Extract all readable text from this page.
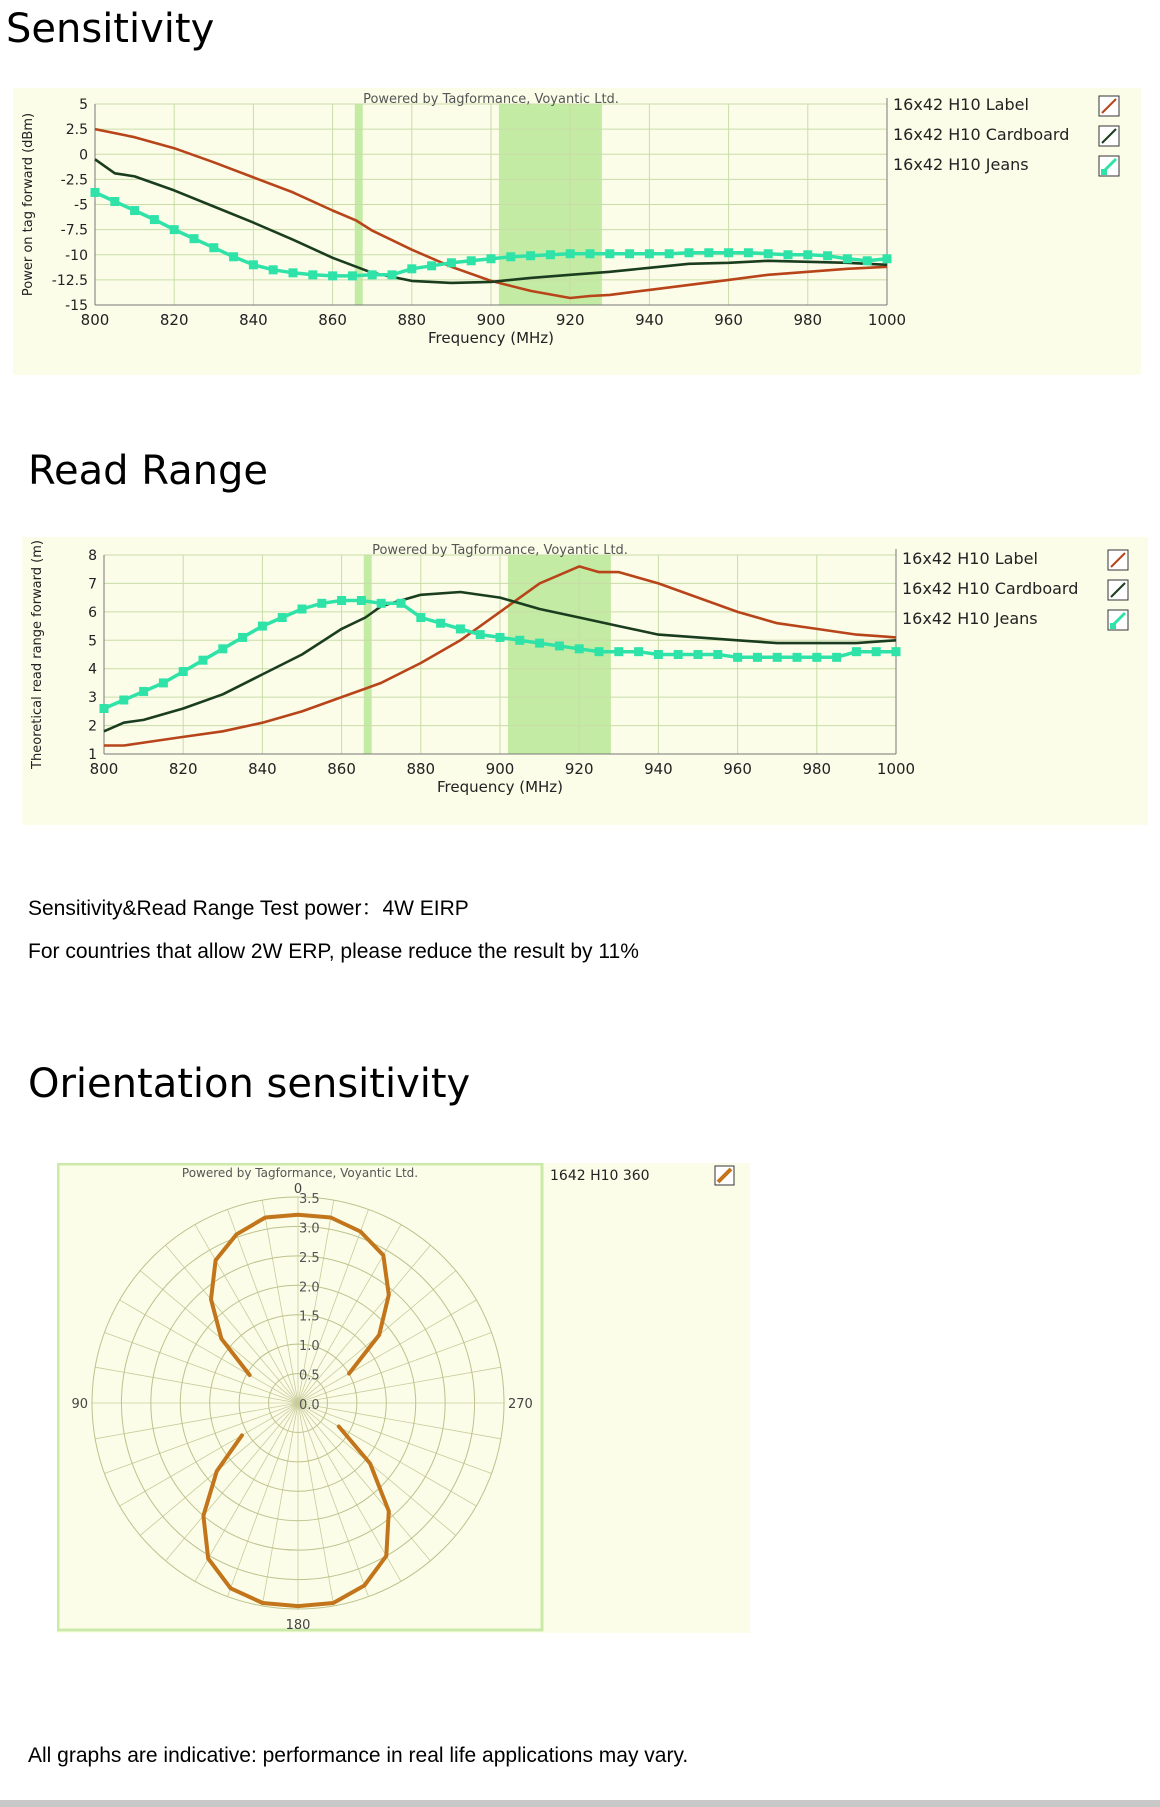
Sensitivity
800	820	840	860	880	900	920	940	960	980	1000
5
2.5
0
-2.5
-5
-7.5
-10
-12.5
-15
Powered by Tagformance, Voyantic Ltd.
Frequency (MHz)
Power on tag forward (dBm)
16x42 H10 Label
16x42 H10 Cardboard
16x42 H10 Jeans
Read Range
800	820	840	860	880	900	920	940	960	980	1000
8
7
6
5
4
3
2
1
Powered by Tagformance, Voyantic Ltd.
Frequency (MHz)
Theoretical read range forward (m)	16x42 H10 Label
16x42 H10 Cardboard
16x42 H10 Jeans

Sensitivity&Read Range Test power：4W EIRP

For countries that allow 2W ERP, please reduce the result by 11%

Orientation sensitivity
0.0
0.5
1.0
1.5
2.0
2.5
3.0
3.5
0
90
180
270
Powered by Tagformance, Voyantic Ltd.	1642 H10 360

All graphs are indicative: performance in real life applications may vary.
